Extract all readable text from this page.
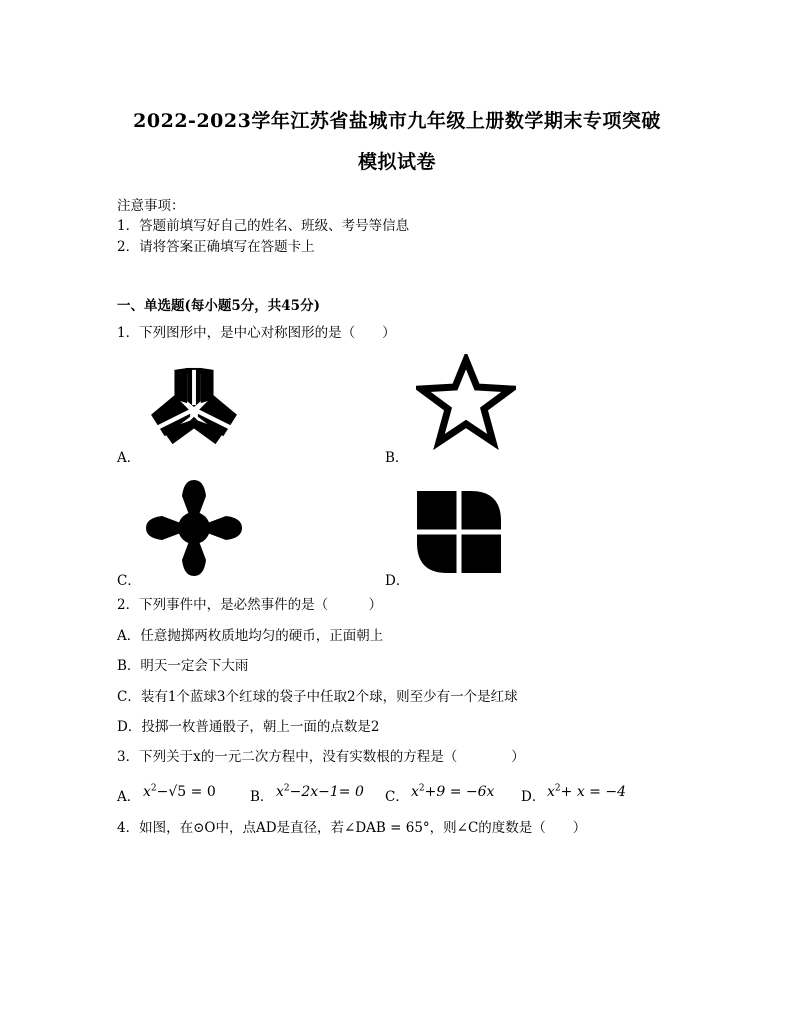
2022-2023学年江苏省盐城市九年级上册数学期末专项突破
模拟试卷
注意事项：
1．答题前填写好自己的姓名、班级、考号等信息
2．请将答案正确填写在答题卡上
一、单选题(每小题5分，共45分)
1．下列图形中，是中心对称图形的是（　　）
A．	B．
C．	D．
2．下列事件中，是必然事件的是（　　　）
A．任意抛掷两枚质地均匀的硬币，正面朝上
B．明天一定会下大雨
C．装有1个蓝球3个红球的袋子中任取2个球，则至少有一个是红球
D．投掷一枚普通骰子，朝上一面的点数是2
3．下列关于x的一元二次方程中，没有实数根的方程是（　　　　）
A． $x^2-√5 = 0$	B． $x^2-2x-1= 0$ C． $x^2+9 = -6x$ D． $x^2+ x = -4$
4．如图，在⊙O中，点AD是直径，若∠DAB = 65°，则∠C的度数是（　　）
